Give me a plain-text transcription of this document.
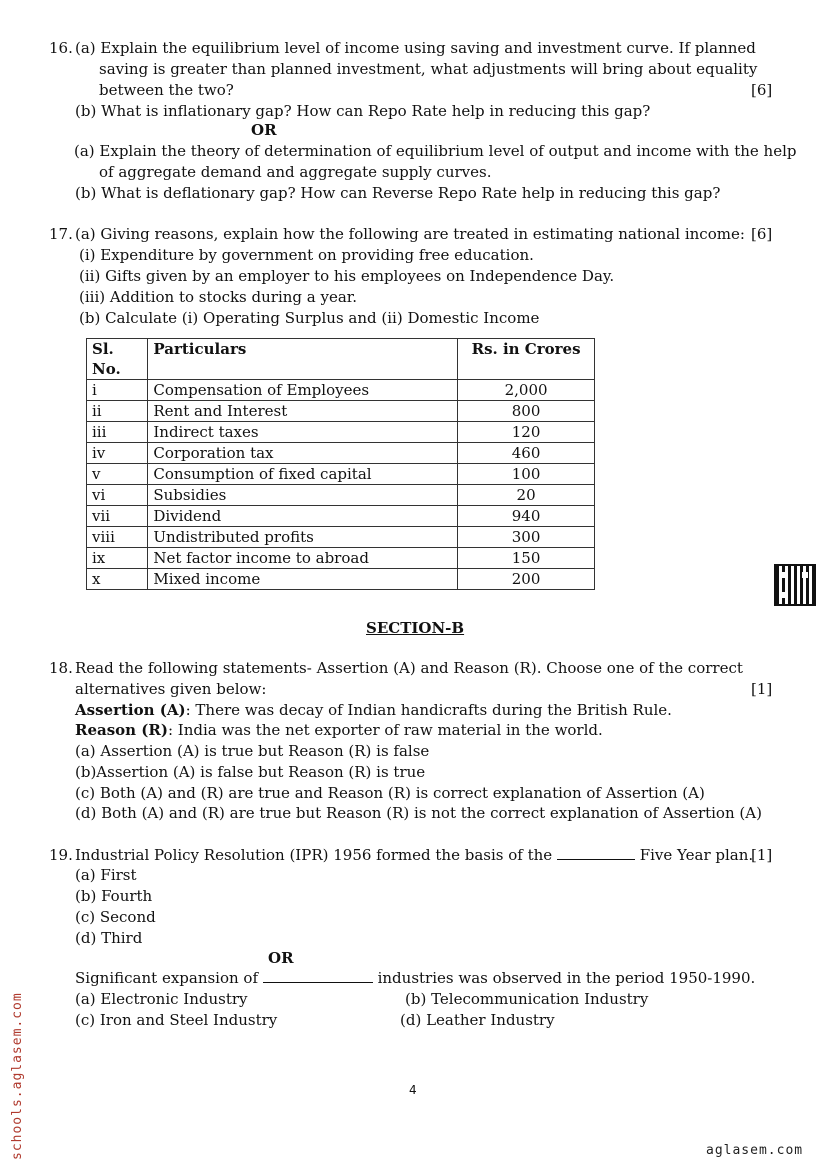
16. (a) Explain the equilibrium level of income using saving and investment curve. If planned
saving is greater than planned investment, what adjustments will bring about equality
between the two?	[6]
(b) What is inflationary gap? How can Repo Rate help in reducing this gap?
OR
(a) Explain the theory of determination of equilibrium level of output and income with the help
of aggregate demand and aggregate supply curves.
(b) What is deflationary gap? How can Reverse Repo Rate help in reducing this gap?
17. (a) Giving reasons, explain how the following are treated in estimating national income: [6]
(i) Expenditure by government on providing free education.
(ii) Gifts given by an employer to his employees on Independence Day.
(iii) Addition to stocks during a year.
(b) Calculate (i) Operating Surplus and (ii) Domestic Income
Sl. No.	Particulars	Rs. in Crores
i	Compensation of Employees	2,000
ii	Rent and Interest	800
iii	Indirect taxes	120
iv	Corporation tax	460
v	Consumption of fixed capital	100
vi	Subsidies	20
vii	Dividend	940
viii	Undistributed profits	300
ix	Net factor income to abroad	150
x	Mixed income	200
SECTION-B
18. Read the following statements- Assertion (A) and Reason (R). Choose one of the correct
alternatives given below:	[1]
Assertion (A): There was decay of Indian handicrafts during the British Rule.
Reason (R): India was the net exporter of raw material in the world.
(a) Assertion (A) is true but Reason (R) is false
(b)Assertion (A) is false but Reason (R) is true
(c) Both (A) and (R) are true and Reason (R) is correct explanation of Assertion (A)
(d) Both (A) and (R) are true but Reason (R) is not the correct explanation of Assertion (A)
19. Industrial Policy Resolution (IPR) 1956 formed the basis of the	Five Year plan.
[1]
(a) First
(b) Fourth
(c) Second
(d) Third
OR
Significant expansion of	industries was observed in the period 1950-1990.
(a) Electronic Industry	(b) Telecommunication Industry
(c) Iron and Steel Industry	(d) Leather Industry
4
schools.aglasem.com	aglasem.com
